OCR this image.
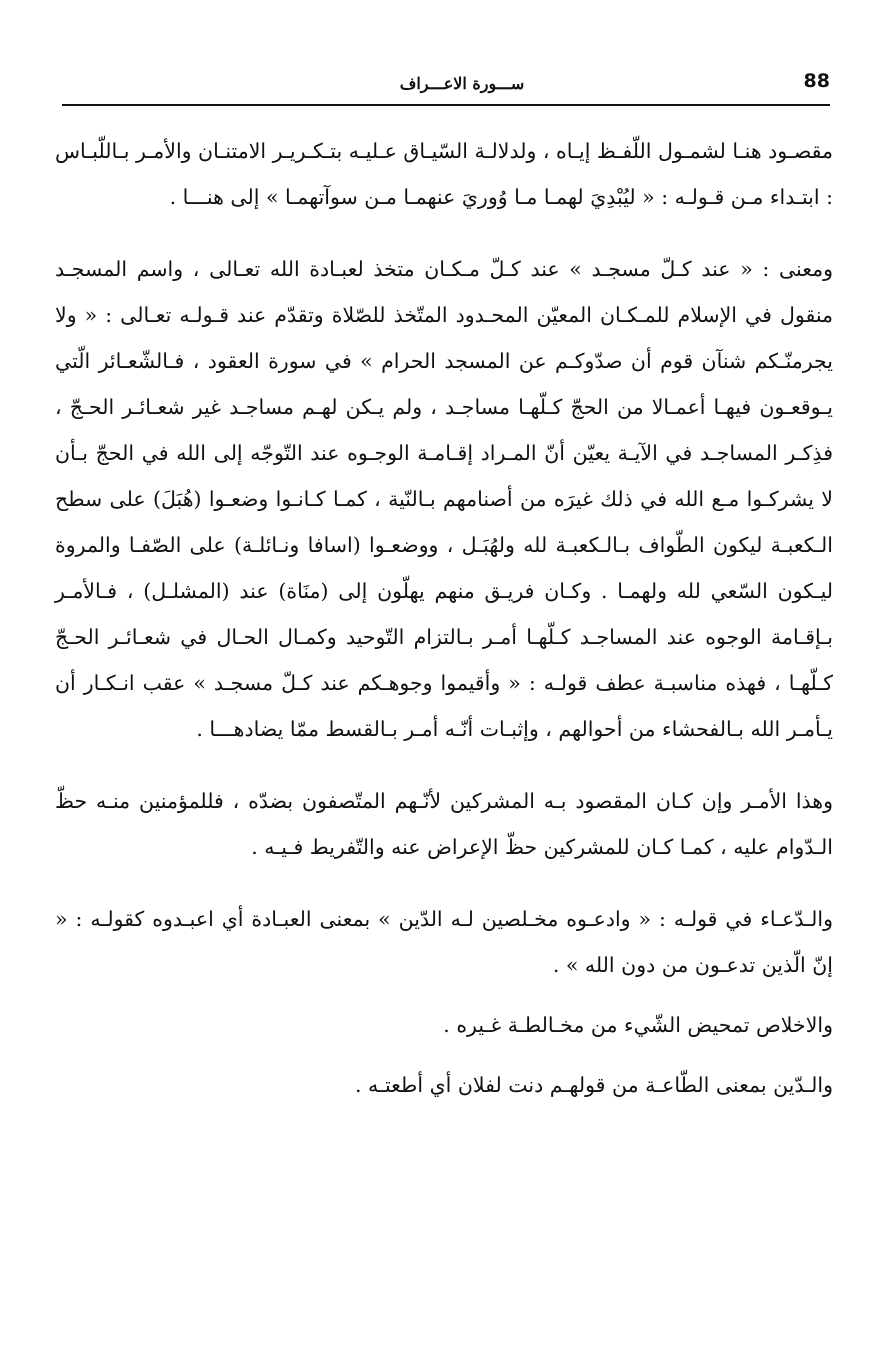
88
ســـورة الاعـــراف

مقصـود هنـا لشمـول اللّفـظ إيـاه ، ولدلالـة السّيـاق عـليـه بتـكـريـر الامتنـان والأمـر بـاللّبـاس : ابتـداء مـن قـولـه : « ليُبْدِيَ لهمـا مـا وُوريَ عنهمـا مـن سوآتهمـا » إلى هنـــا .

ومعنى : « عند كـلّ مسجـد » عند كـلّ مـكـان متخذ لعبـادة الله تعـالى ، واسم المسجـد منقول في الإسلام للمـكـان المعيّن المحـدود المتّخذ للصّلاة وتقدّم عند قـولـه تعـالى : « ولا يجرمنّـكم شنآن قوم أن صدّوكـم عن المسجد الحرام » في سورة العقود ، فـالشّعـائر الّتي يـوقعـون فيهـا أعمـالا من الحجّ كـلّهـا مساجـد ، ولم يـكن لهـم مساجـد غير شعـائـر الحـجّ ، فذِكـر المساجـد في الآيـة يعيّن أنّ المـراد إقـامـة الوجـوه عند التّوجّه إلى الله في الحجّ بـأن لا يشركـوا مـع الله في ذلك غيرَه من أصنامهم بـالنّية ، كمـا كـانـوا وضعـوا (هُبَلَ) على سطح الـكعبـة ليكون الطّواف بـالـكعبـة لله ولهُبَـل ، ووضعـوا (اسافا ونـائلـة) على الصّفـا والمروة ليـكون السّعي لله ولهمـا . وكـان فريـق منهم يهلّون إلى (منَاة) عند (المشلـل) ، فـالأمـر بـإقـامة الوجوه عند المساجـد كـلّهـا أمـر بـالتزام التّوحيد وكمـال الحـال في شعـائـر الحـجّ كـلّهـا ، فهذه مناسبـة عطف قولـه : « وأقيموا وجوهـكم عند كـلّ مسجـد » عقب انـكـار أن يـأمـر الله بـالفحشاء من أحوالهم ، وإثبـات أنّـه أمـر بـالقسط ممّا يضادهـــا .

وهذا الأمـر وإن كـان المقصود بـه المشركين لأنّـهم المتّصفون بضدّه ، فللمؤمنين منـه حظّ الـدّوام عليه ، كمـا كـان للمشركين حظّ الإعراض عنه والتّفريط فـيـه .

والـدّعـاء في قولـه : « وادعـوه مخـلصين لـه الدّين » بمعنى العبـادة أي اعبـدوه كقولـه : « إنّ الّذين تدعـون من دون الله » .

والاخلاص تمحيض الشّيء من مخـالطـة غـيره .

والـدّين بمعنى الطّاعـة من قولهـم دنت لفلان أي أطعتـه .
